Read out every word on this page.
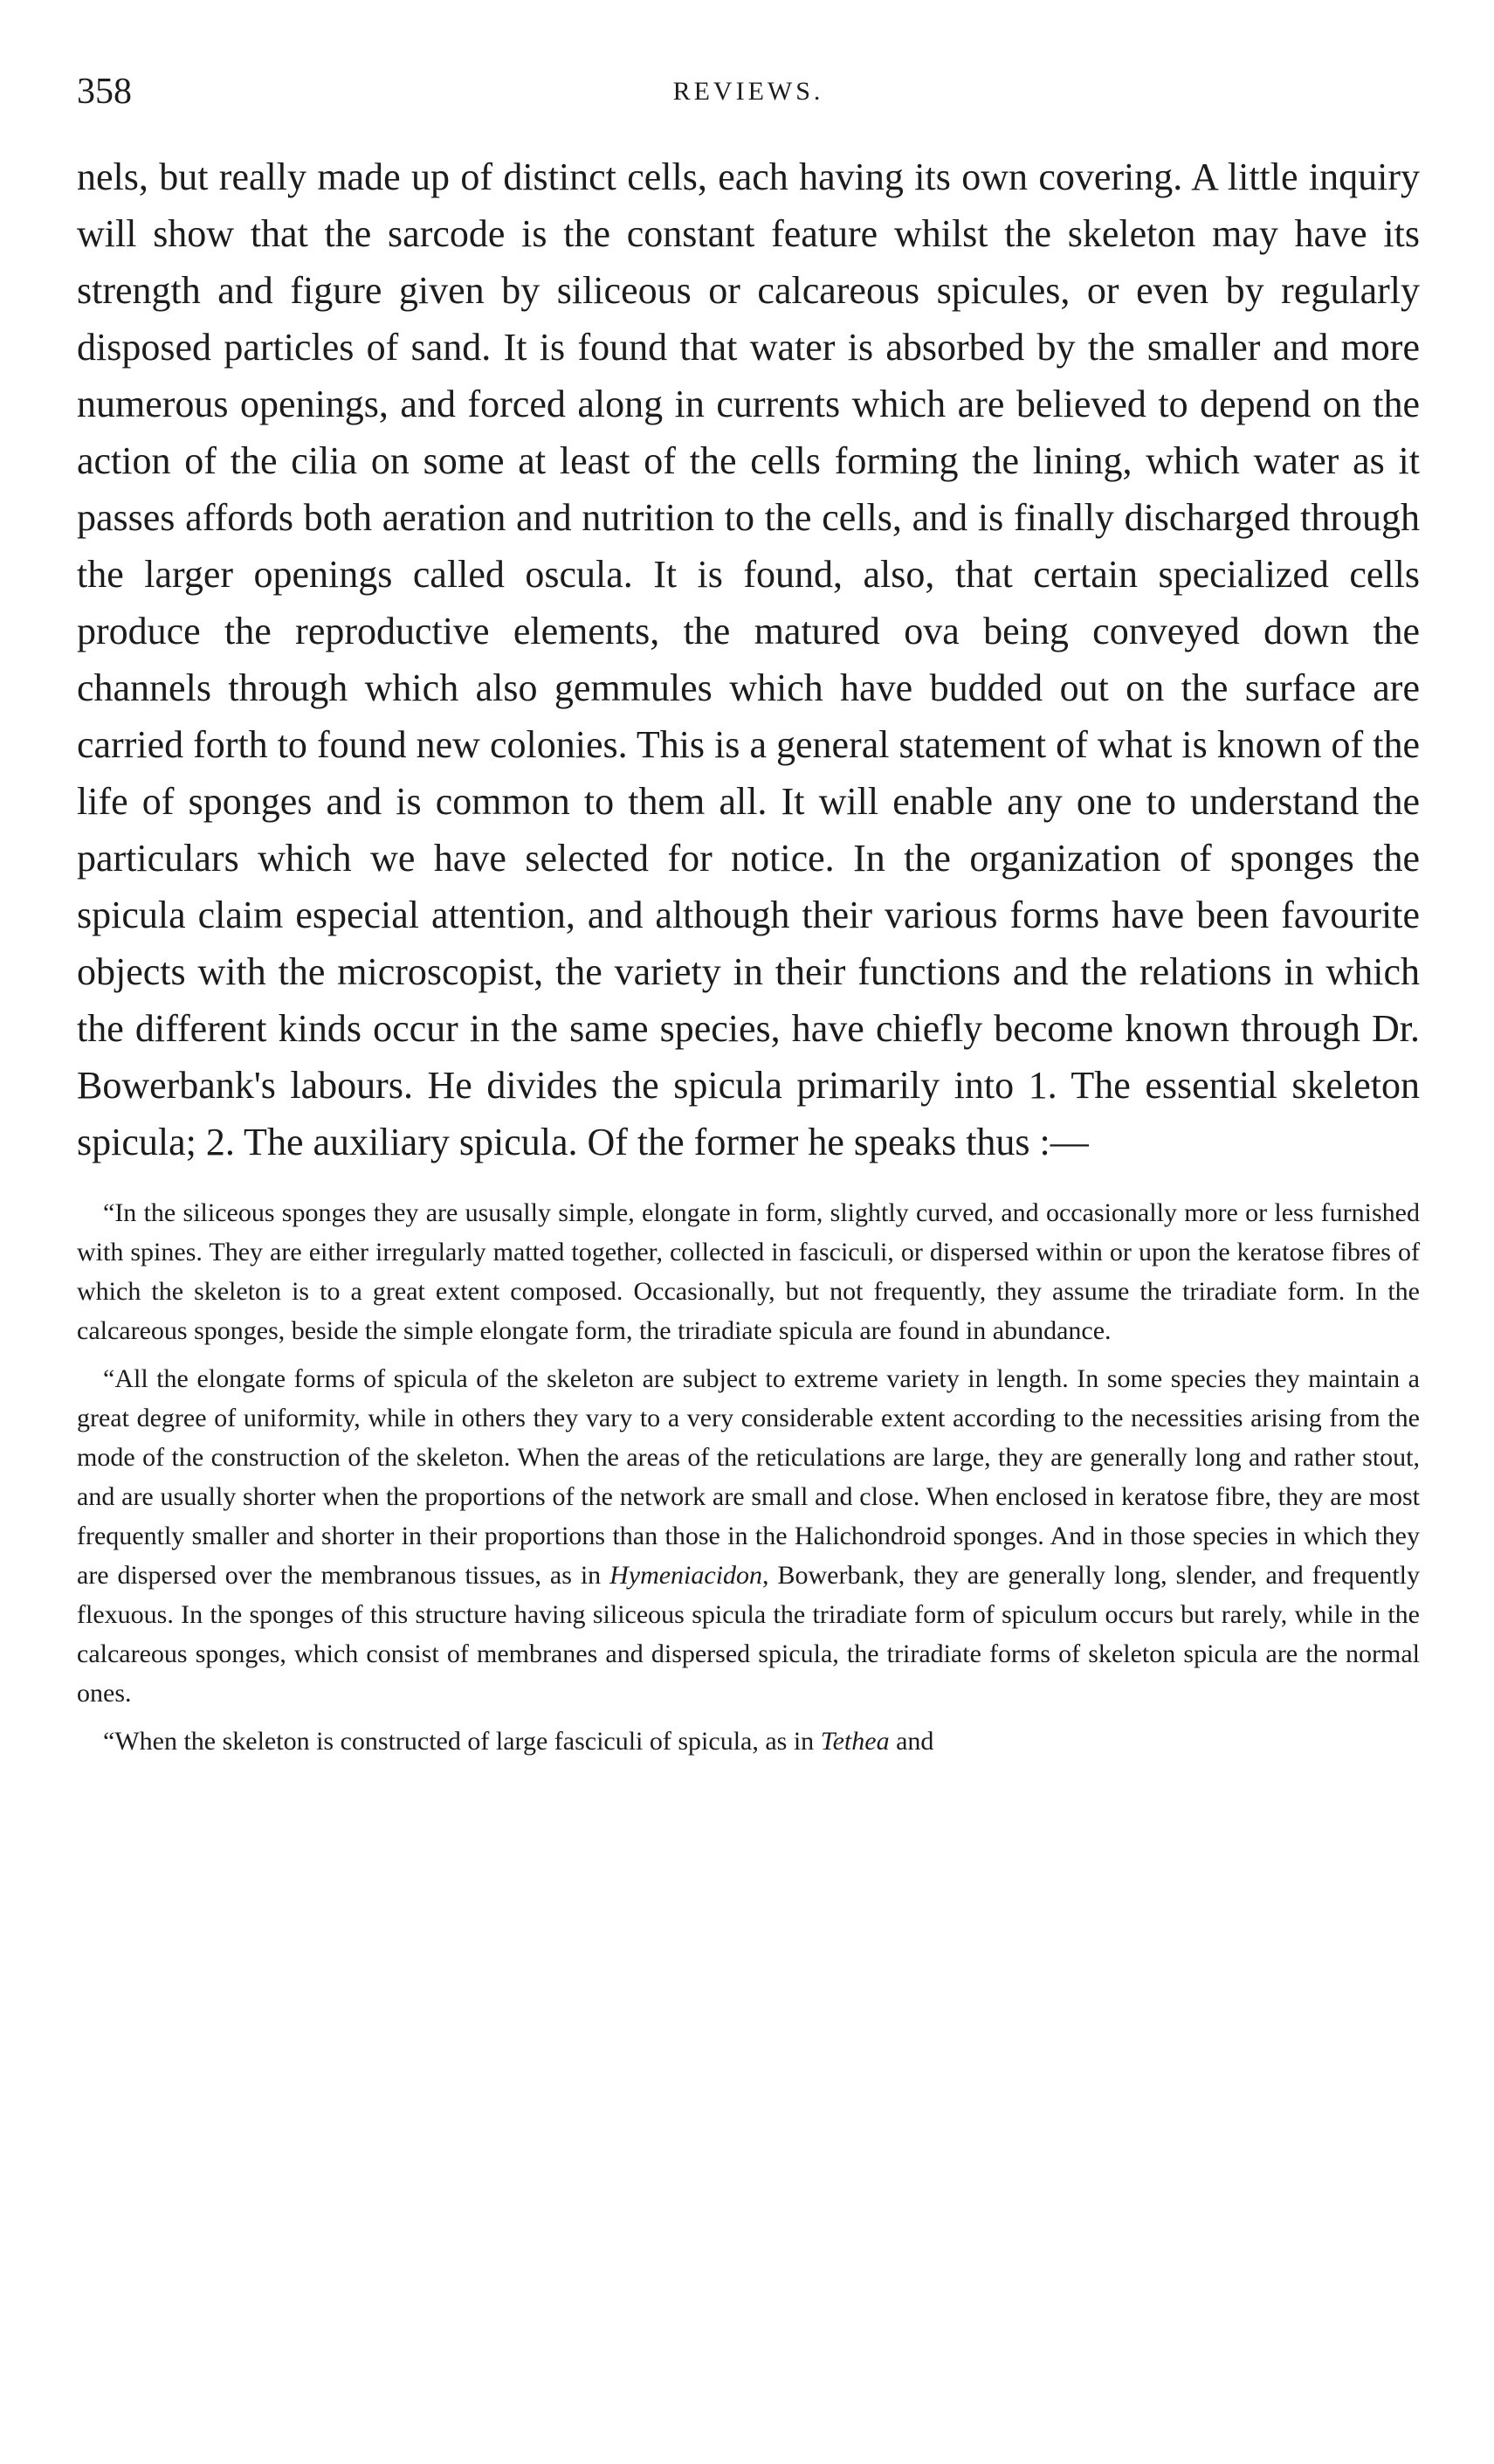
358	REVIEWS.

nels, but really made up of distinct cells, each having its own covering. A little inquiry will show that the sarcode is the constant feature whilst the skeleton may have its strength and figure given by siliceous or calcareous spicules, or even by regularly disposed particles of sand. It is found that water is absorbed by the smaller and more numerous openings, and forced along in currents which are believed to depend on the action of the cilia on some at least of the cells forming the lining, which water as it passes affords both aeration and nutrition to the cells, and is finally discharged through the larger openings called oscula. It is found, also, that certain specialized cells produce the reproductive elements, the matured ova being conveyed down the channels through which also gemmules which have budded out on the surface are carried forth to found new colonies. This is a general statement of what is known of the life of sponges and is common to them all. It will enable any one to understand the particulars which we have selected for notice. In the organization of sponges the spicula claim especial attention, and although their various forms have been favourite objects with the microscopist, the variety in their functions and the relations in which the different kinds occur in the same species, have chiefly become known through Dr. Bowerbank's labours. He divides the spicula primarily into 1. The essential skeleton spicula; 2. The auxiliary spicula. Of the former he speaks thus :—

“In the siliceous sponges they are ususally simple, elongate in form, slightly curved, and occasionally more or less furnished with spines. They are either irregularly matted together, collected in fasciculi, or dispersed within or upon the keratose fibres of which the skeleton is to a great extent composed. Occasionally, but not frequently, they assume the triradiate form. In the calcareous sponges, beside the simple elongate form, the triradiate spicula are found in abundance.

“All the elongate forms of spicula of the skeleton are subject to extreme variety in length. In some species they maintain a great degree of uniformity, while in others they vary to a very considerable extent according to the necessities arising from the mode of the construction of the skeleton. When the areas of the reticulations are large, they are generally long and rather stout, and are usually shorter when the proportions of the network are small and close. When enclosed in keratose fibre, they are most frequently smaller and shorter in their proportions than those in the Halichondroid sponges. And in those species in which they are dispersed over the membranous tissues, as in Hymeniacidon, Bowerbank, they are generally long, slender, and frequently flexuous. In the sponges of this structure having siliceous spicula the triradiate form of spiculum occurs but rarely, while in the calcareous sponges, which consist of membranes and dispersed spicula, the triradiate forms of skeleton spicula are the normal ones.

“When the skeleton is constructed of large fasciculi of spicula, as in Tethea and
